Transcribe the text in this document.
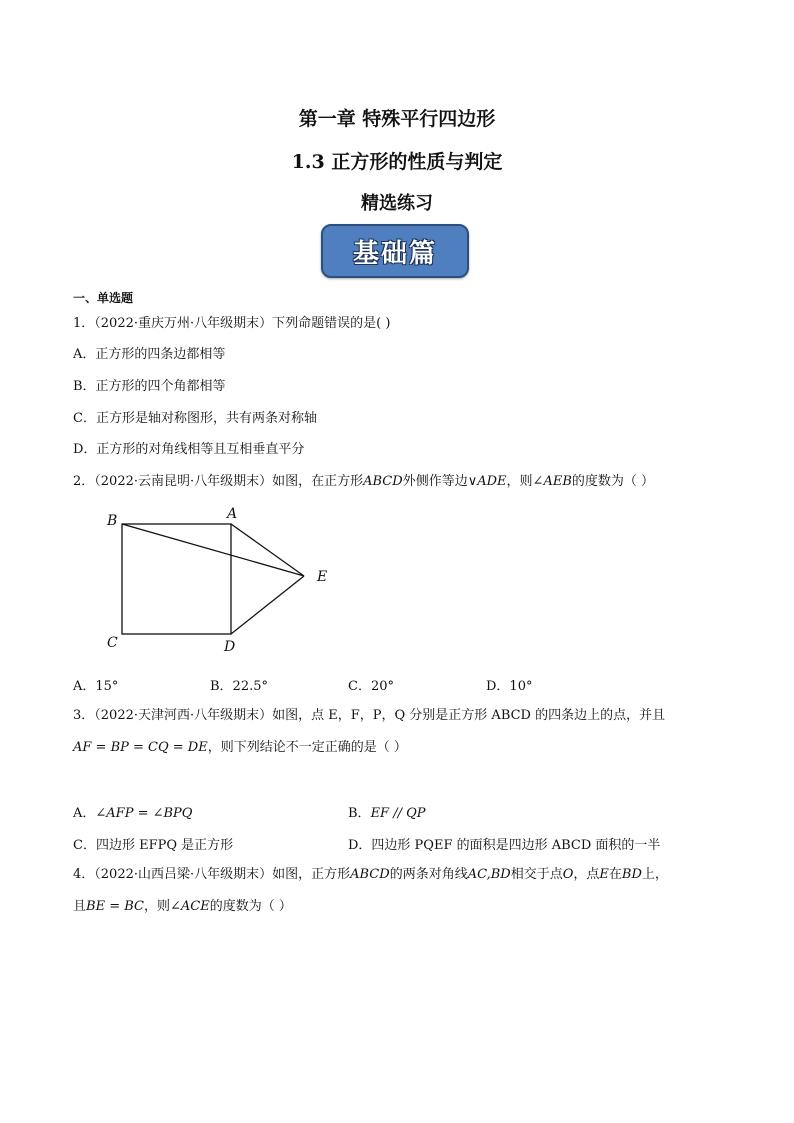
第一章 特殊平行四边形
1.3 正方形的性质与判定
精选练习
基础篇
一、单选题
1．（2022·重庆万州·八年级期末）下列命题错误的是( )
A．正方形的四条边都相等
B．正方形的四个角都相等
C．正方形是轴对称图形，共有两条对称轴
D．正方形的对角线相等且互相垂直平分
2．（2022·云南昆明·八年级期末）如图，在正方形ABCD外侧作等边∨ADE，则∠AEB的度数为（ ）
B	A
E
C	D
A．15°	B．22.5°	C．20°	D．10°
3．（2022·天津河西·八年级期末）如图，点 E，F，P，Q 分别是正方形 ABCD 的四条边上的点，并且
AF = BP = CQ = DE，则下列结论不一定正确的是（ ）
A．∠AFP = ∠BPQ	B．EF // QP
C．四边形 EFPQ 是正方形	D．四边形 PQEF 的面积是四边形 ABCD 面积的一半
4．（2022·山西吕梁·八年级期末）如图，正方形ABCD的两条对角线AC,BD相交于点O，点E在BD上，
且BE = BC，则∠ACE的度数为（ ）
